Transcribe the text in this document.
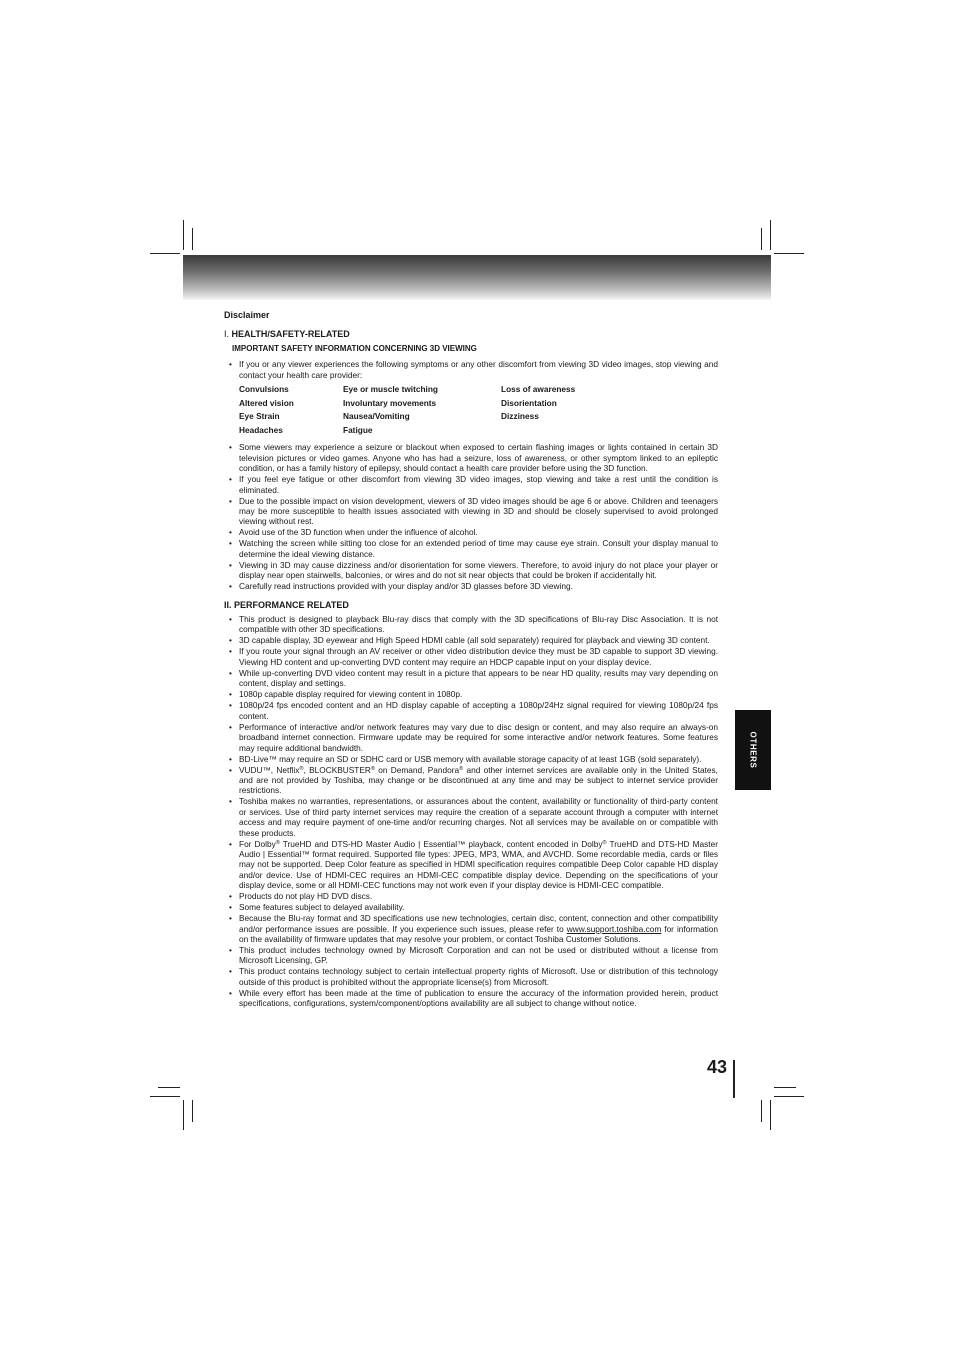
OTHERS
Disclaimer
I. HEALTH/SAFETY-RELATED
IMPORTANT SAFETY INFORMATION CONCERNING 3D VIEWING
• If you or any viewer experiences the following symptoms or any other discomfort from viewing 3D video images, stop viewing and contact your health care provider:
Convulsions	Eye or muscle twitching	Loss of awareness
Altered vision	Involuntary movements	Disorientation
Eye Strain	Nausea/Vomiting	Dizziness
Headaches	Fatigue
• Some viewers may experience a seizure or blackout when exposed to certain flashing images or lights contained in certain 3D television pictures or video games. Anyone who has had a seizure, loss of awareness, or other symptom linked to an epileptic condition, or has a family history of epilepsy, should contact a health care provider before using the 3D function.
• If you feel eye fatigue or other discomfort from viewing 3D video images, stop viewing and take a rest until the condition is eliminated.
• Due to the possible impact on vision development, viewers of 3D video images should be age 6 or above. Children and teenagers may be more susceptible to health issues associated with viewing in 3D and should be closely supervised to avoid prolonged viewing without rest.
• Avoid use of the 3D function when under the influence of alcohol.
• Watching the screen while sitting too close for an extended period of time may cause eye strain. Consult your display manual to determine the ideal viewing distance.
• Viewing in 3D may cause dizziness and/or disorientation for some viewers. Therefore, to avoid injury do not place your player or display near open stairwells, balconies, or wires and do not sit near objects that could be broken if accidentally hit.
• Carefully read instructions provided with your display and/or 3D glasses before 3D viewing.
II. PERFORMANCE RELATED
• This product is designed to playback Blu-ray discs that comply with the 3D specifications of Blu-ray Disc Association. It is not compatible with other 3D specifications.
• 3D capable display, 3D eyewear and High Speed HDMI cable (all sold separately) required for playback and viewing 3D content.
• If you route your signal through an AV receiver or other video distribution device they must be 3D capable to support 3D viewing. Viewing HD content and up-converting DVD content may require an HDCP capable input on your display device.
• While up-converting DVD video content may result in a picture that appears to be near HD quality, results may vary depending on content, display and settings.
• 1080p capable display required for viewing content in 1080p.
• 1080p/24 fps encoded content and an HD display capable of accepting a 1080p/24Hz signal required for viewing 1080p/24 fps content.
• Performance of interactive and/or network features may vary due to disc design or content, and may also require an always-on broadband internet connection. Firmware update may be required for some interactive and/or network features. Some features may require additional bandwidth.
• BD-Live™ may require an SD or SDHC card or USB memory with available storage capacity of at least 1GB (sold separately).
• VUDU™, Netflix®, BLOCKBUSTER® on Demand, Pandora® and other internet services are available only in the United States, and are not provided by Toshiba, may change or be discontinued at any time and may be subject to internet service provider restrictions.
• Toshiba makes no warranties, representations, or assurances about the content, availability or functionality of third-party content or services. Use of third party internet services may require the creation of a separate account through a computer with internet access and may require payment of one-time and/or recurring charges. Not all services may be available on or compatible with these products.
• For Dolby® TrueHD and DTS-HD Master Audio | Essential™ playback, content encoded in Dolby® TrueHD and DTS-HD Master Audio | Essential™ format required. Supported file types: JPEG, MP3, WMA, and AVCHD. Some recordable media, cards or files may not be supported. Deep Color feature as specified in HDMI specification requires compatible Deep Color capable HD display and/or device. Use of HDMI-CEC requires an HDMI-CEC compatible display device. Depending on the specifications of your display device, some or all HDMI-CEC functions may not work even if your display device is HDMI-CEC compatible.
• Products do not play HD DVD discs.
• Some features subject to delayed availability.
• Because the Blu-ray format and 3D specifications use new technologies, certain disc, content, connection and other compatibility and/or performance issues are possible. If you experience such issues, please refer to www.support.toshiba.com for information on the availability of firmware updates that may resolve your problem, or contact Toshiba Customer Solutions.
• This product includes technology owned by Microsoft Corporation and can not be used or distributed without a license from Microsoft Licensing, GP.
• This product contains technology subject to certain intellectual property rights of Microsoft. Use or distribution of this technology outside of this product is prohibited without the appropriate license(s) from Microsoft.
• While every effort has been made at the time of publication to ensure the accuracy of the information provided herein, product specifications, configurations, system/component/options availability are all subject to change without notice.
43
